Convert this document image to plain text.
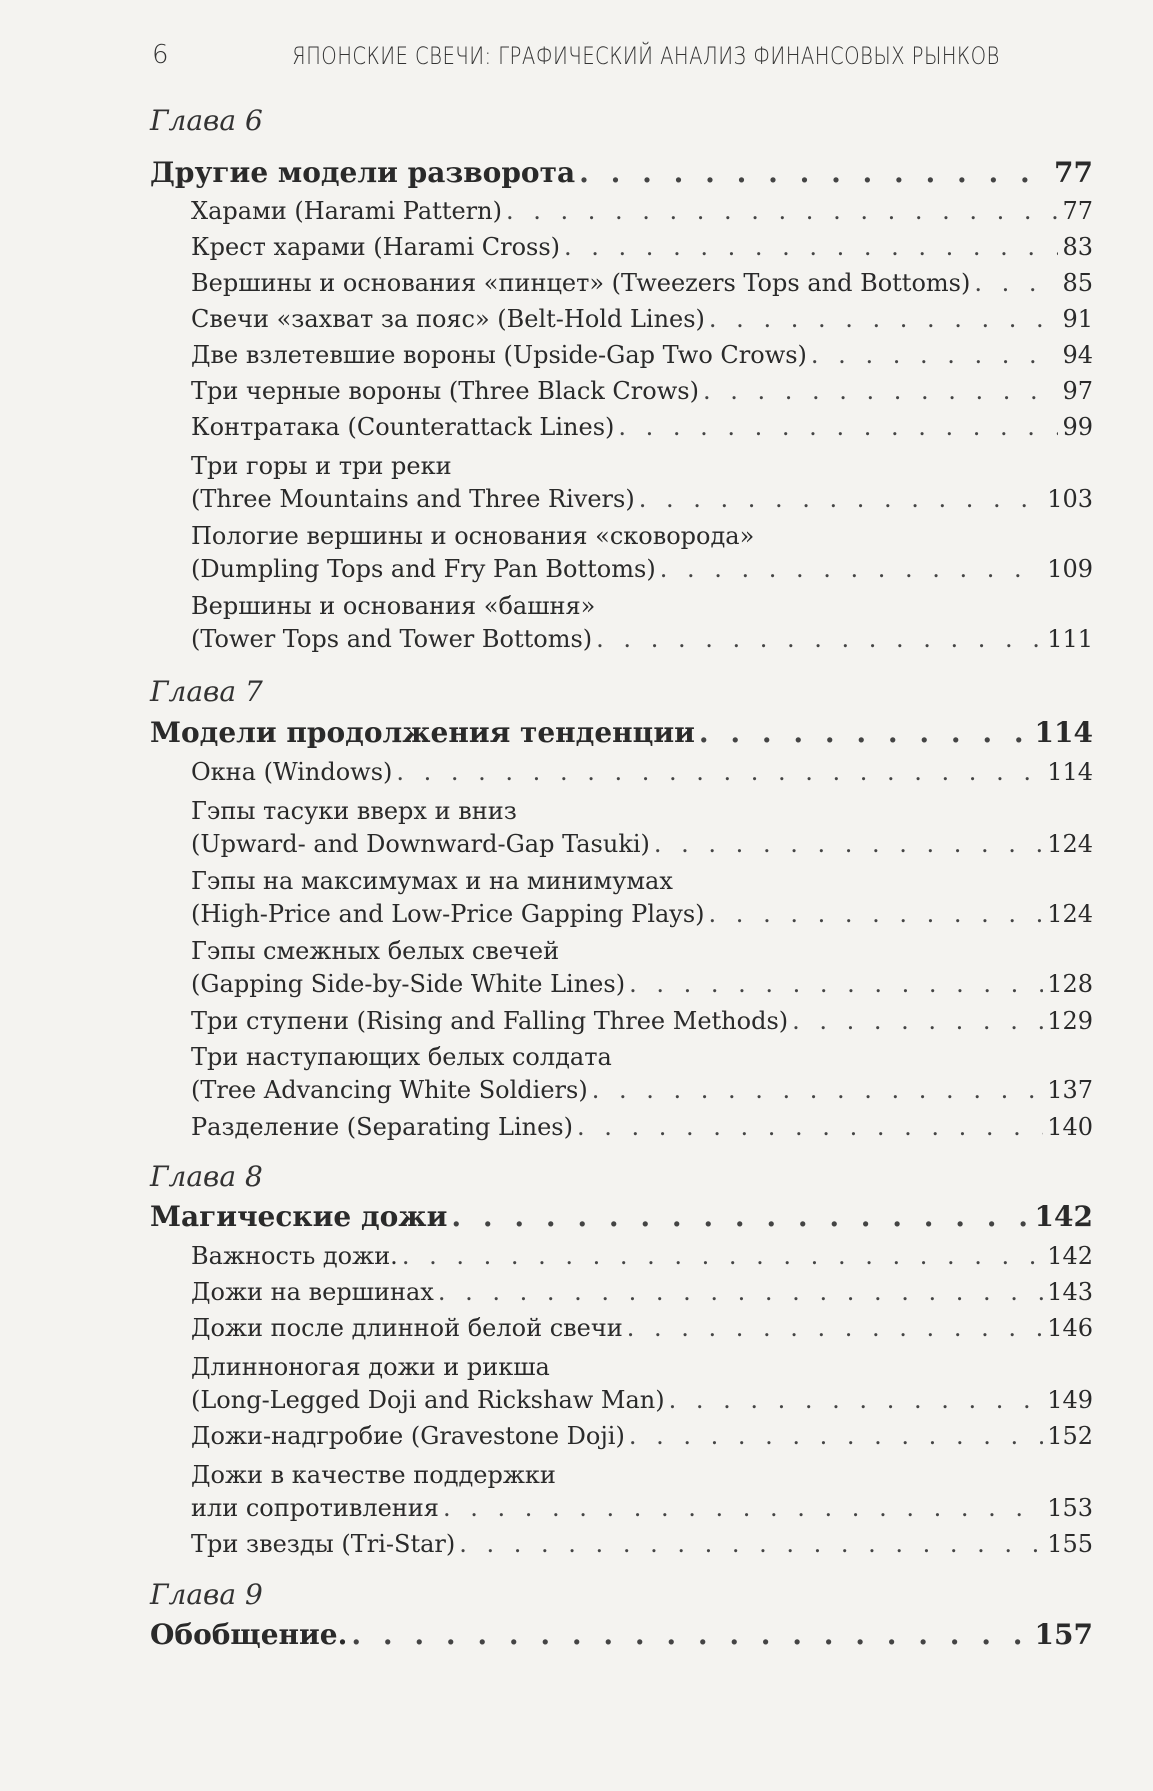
6	ЯПОНСКИЕ СВЕЧИ: ГРАФИЧЕСКИЙ АНАЛИЗ ФИНАНСОВЫХ РЫНКОВ
Глава 6
Другие модели разворота . . .	77
Харами (Harami Pattern) . . .	77
Крест харами (Harami Cross) . . .	83
Вершины и основания «пинцет» (Tweezers Tops and Bottoms) . . .	85
Свечи «захват за пояс» (Belt-Hold Lines) . . .	91
Две взлетевшие вороны (Upside-Gap Two Crows) . . .	94
Три черные вороны (Three Black Crows) . . .	97
Контратака (Counterattack Lines) . . .	99
Три горы и три реки
(Three Mountains and Three Rivers) . . .	103
Пологие вершины и основания «сковорода»
(Dumpling Tops and Fry Pan Bottoms) . . .	109
Вершины и основания «башня»
(Tower Tops and Tower Bottoms) . . .	111
Глава 7
Модели продолжения тенденции . . .	114
Окна (Windows) . . .	114
Гэпы тасуки вверх и вниз
(Upward- and Downward-Gap Tasuki) . . .	124
Гэпы на максимумах и на минимумах
(High-Price and Low-Price Gapping Plays) . . .	124
Гэпы смежных белых свечей
(Gapping Side-by-Side White Lines) . . .	128
Три ступени (Rising and Falling Three Methods) . . .	129
Три наступающих белых солдата
(Tree Advancing White Soldiers) . . .	137
Разделение (Separating Lines) . . .	140
Глава 8
Магические дожи . . .	142
Важность дожи. . . .	142
Дожи на вершинах . . .	143
Дожи после длинной белой свечи . . .	146
Длинноногая дожи и рикша
(Long-Legged Doji and Rickshaw Man) . . .	149
Дожи-надгробие (Gravestone Doji) . . .	152
Дожи в качестве поддержки
или сопротивления . . .	153
Три звезды (Tri-Star) . . .	155
Глава 9
Обобщение. . . .	157
